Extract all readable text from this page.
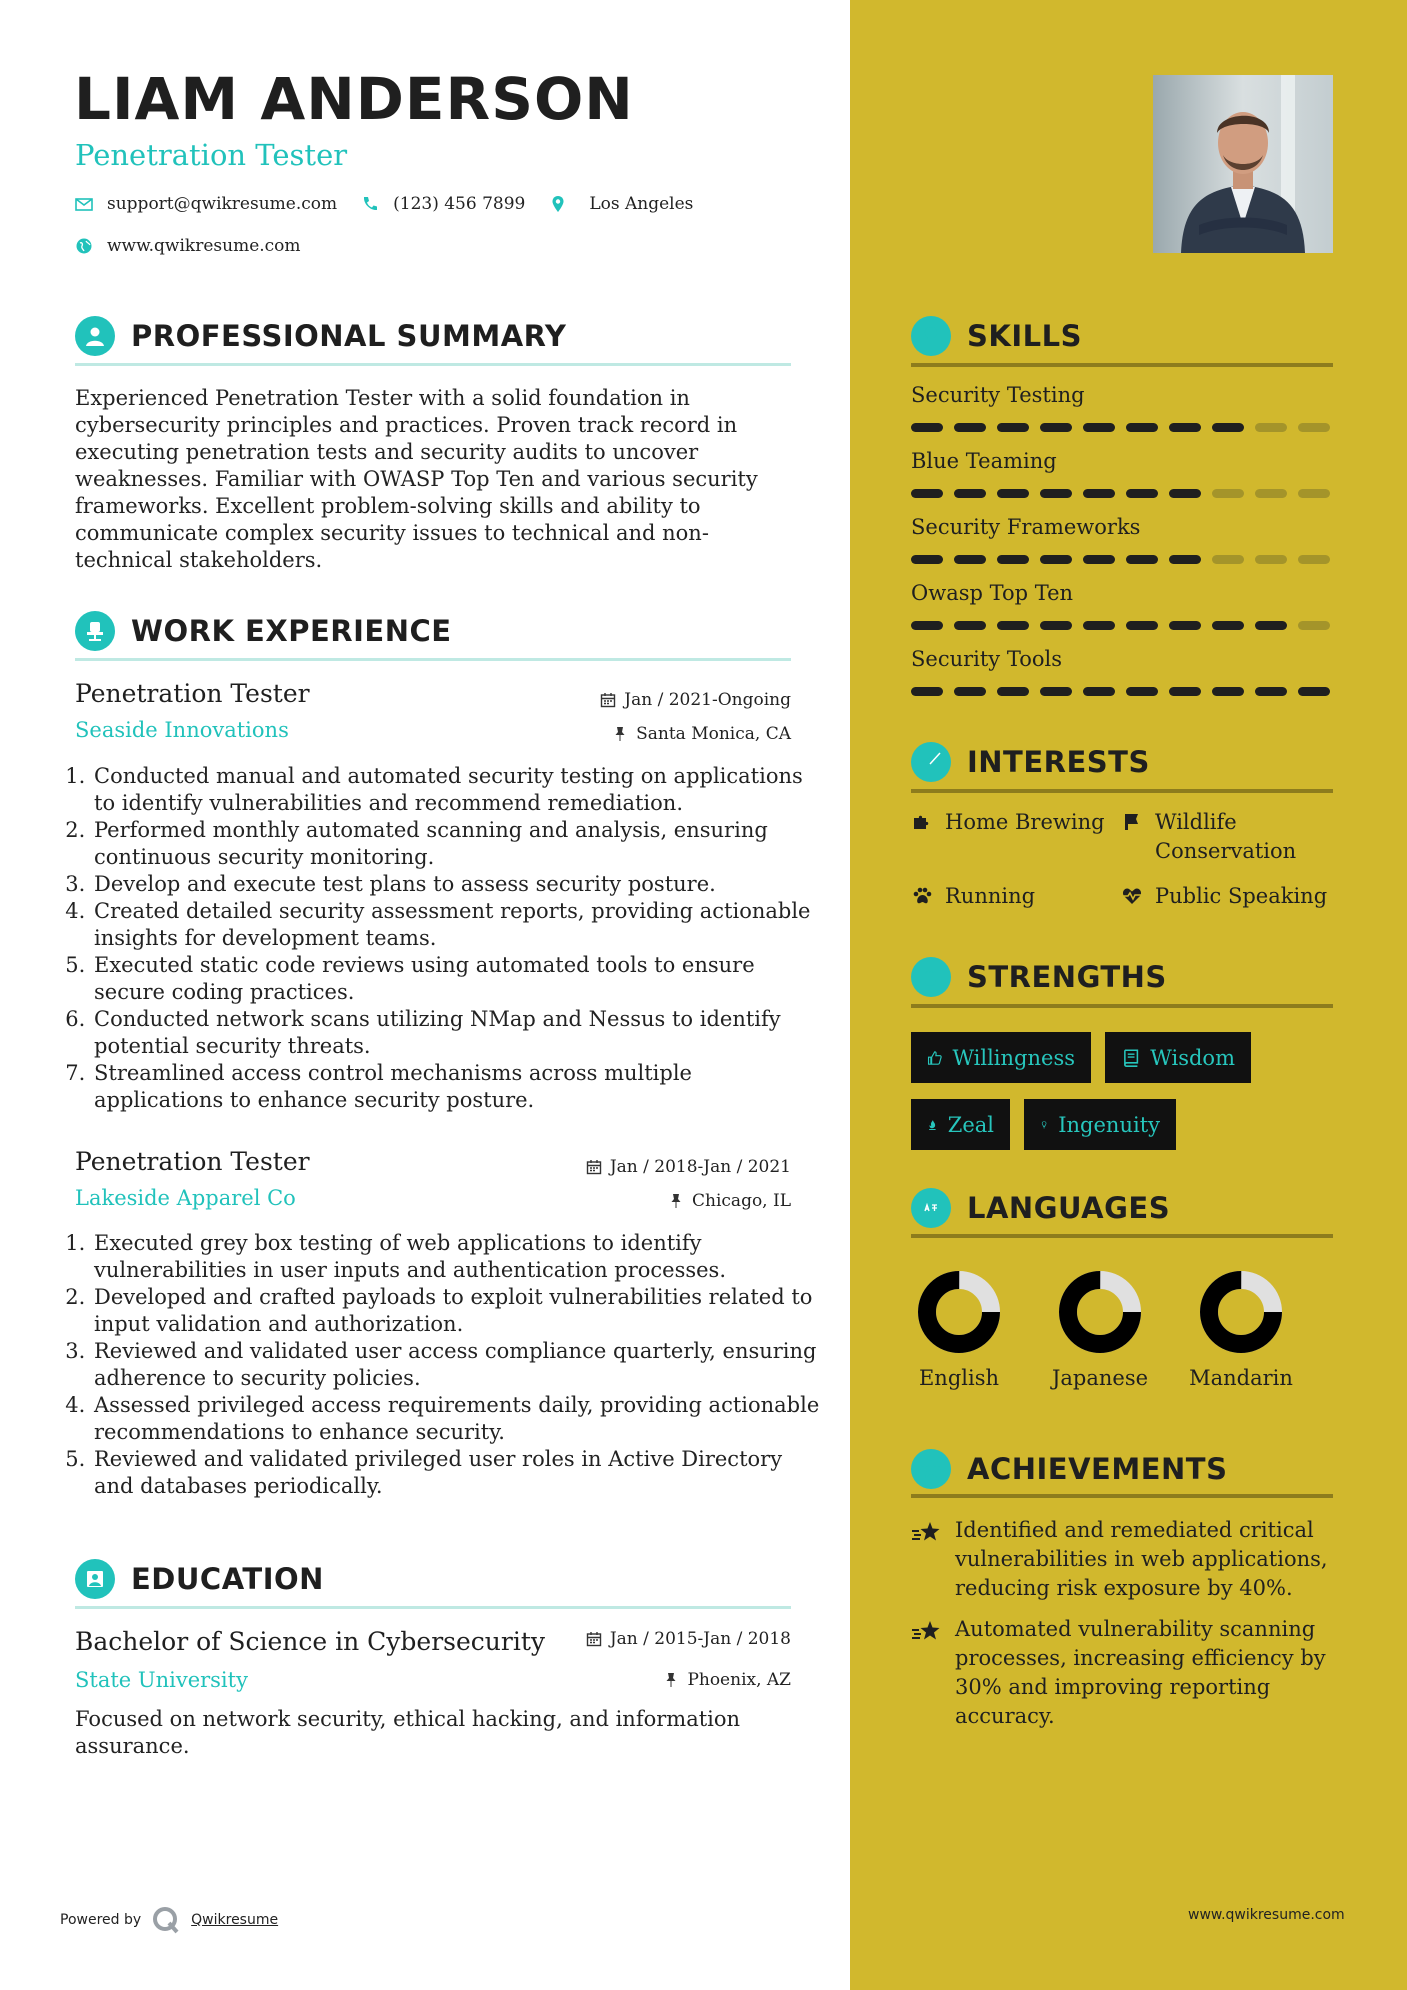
LIAM ANDERSON
Penetration Tester
support@qwikresume.com	(123) 456 7899	Los Angeles
www.qwikresume.com
PROFESSIONAL SUMMARY
Experienced Penetration Tester with a solid foundation in cybersecurity principles and practices. Proven track record in executing penetration tests and security audits to uncover weaknesses. Familiar with OWASP Top Ten and various security frameworks. Excellent problem-solving skills and ability to communicate complex security issues to technical and non-technical stakeholders.
WORK EXPERIENCE
Penetration Tester	Jan / 2021-Ongoing
Seaside Innovations	Santa Monica, CA
1. Conducted manual and automated security testing on applications to identify vulnerabilities and recommend remediation.
2. Performed monthly automated scanning and analysis, ensuring continuous security monitoring.
3. Develop and execute test plans to assess security posture.
4. Created detailed security assessment reports, providing actionable insights for development teams.
5. Executed static code reviews using automated tools to ensure secure coding practices.
6. Conducted network scans utilizing NMap and Nessus to identify potential security threats.
7. Streamlined access control mechanisms across multiple applications to enhance security posture.
Penetration Tester	Jan / 2018-Jan / 2021
Lakeside Apparel Co	Chicago, IL
1. Executed grey box testing of web applications to identify vulnerabilities in user inputs and authentication processes.
2. Developed and crafted payloads to exploit vulnerabilities related to input validation and authorization.
3. Reviewed and validated user access compliance quarterly, ensuring adherence to security policies.
4. Assessed privileged access requirements daily, providing actionable recommendations to enhance security.
5. Reviewed and validated privileged user roles in Active Directory and databases periodically.
EDUCATION
Bachelor of Science in Cybersecurity	Jan / 2015-Jan / 2018
State University	Phoenix, AZ
Focused on network security, ethical hacking, and information assurance.
SKILLS
Security Testing
Blue Teaming
Security Frameworks
Owasp Top Ten
Security Tools
INTERESTS
Home Brewing Wildlife Conservation
Running	Public Speaking
STRENGTHS
Willingness	Wisdom
Zeal	Ingenuity
LANGUAGES
English	Japanese	Mandarin
ACHIEVEMENTS
Identified and remediated critical vulnerabilities in web applications, reducing risk exposure by 40%.
Automated vulnerability scanning processes, increasing efficiency by 30% and improving reporting accuracy.
Powered by	Qwikresume	www.qwikresume.com
